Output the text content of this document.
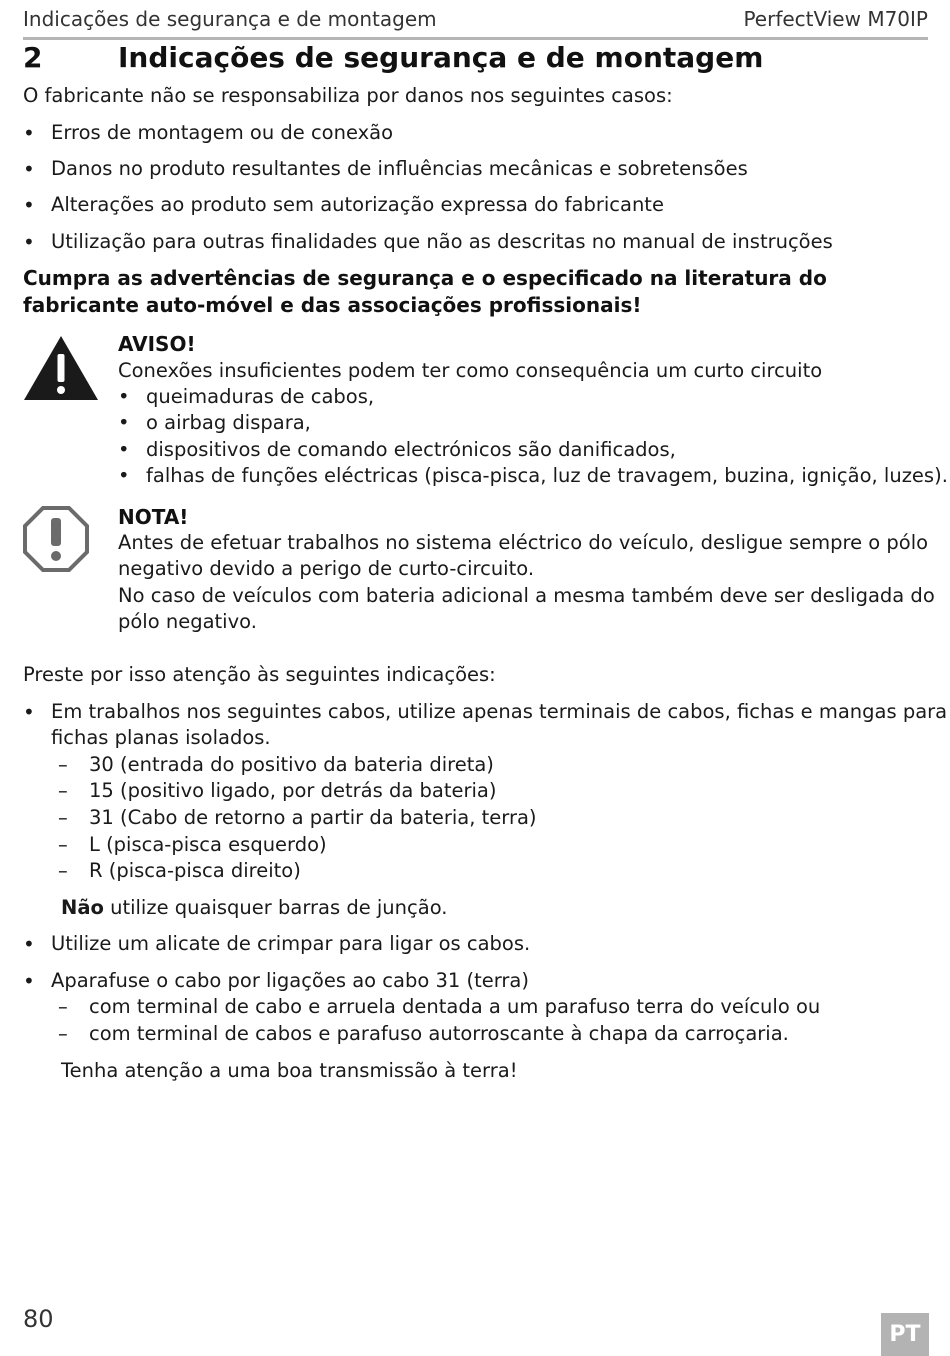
Indicações de segurança e de montagem	PerfectView M70IP
2	Indicações de segurança e de montagem
O fabricante não se responsabiliza por danos nos seguintes casos:
• Erros de montagem ou de conexão
• Danos no produto resultantes de influências mecânicas e sobretensões
• Alterações ao produto sem autorização expressa do fabricante
• Utilização para outras finalidades que não as descritas no manual de instruções
Cumpra as advertências de segurança e o especificado na literatura do fabricante auto-móvel e das associações profissionais!
AVISO!
Conexões insuficientes podem ter como consequência um curto circuito
• queimaduras de cabos,
• o airbag dispara,
• dispositivos de comando electrónicos são danificados,
• falhas de funções eléctricas (pisca-pisca, luz de travagem, buzina, ignição, luzes).
NOTA!
Antes de efetuar trabalhos no sistema eléctrico do veículo, desligue sempre o pólo
negativo devido a perigo de curto-circuito.
No caso de veículos com bateria adicional a mesma também deve ser desligada do
pólo negativo.
Preste por isso atenção às seguintes indicações:
• Em trabalhos nos seguintes cabos, utilize apenas terminais de cabos, fichas e mangas para
fichas planas isolados.
– 30 (entrada do positivo da bateria direta)
– 15 (positivo ligado, por detrás da bateria)
– 31 (Cabo de retorno a partir da bateria, terra)
– L (pisca-pisca esquerdo)
– R (pisca-pisca direito)
Não utilize quaisquer barras de junção.
• Utilize um alicate de crimpar para ligar os cabos.
• Aparafuse o cabo por ligações ao cabo 31 (terra)
– com terminal de cabo e arruela dentada a um parafuso terra do veículo ou
– com terminal de cabos e parafuso autorroscante à chapa da carroçaria.
Tenha atenção a uma boa transmissão à terra!
80
PT
